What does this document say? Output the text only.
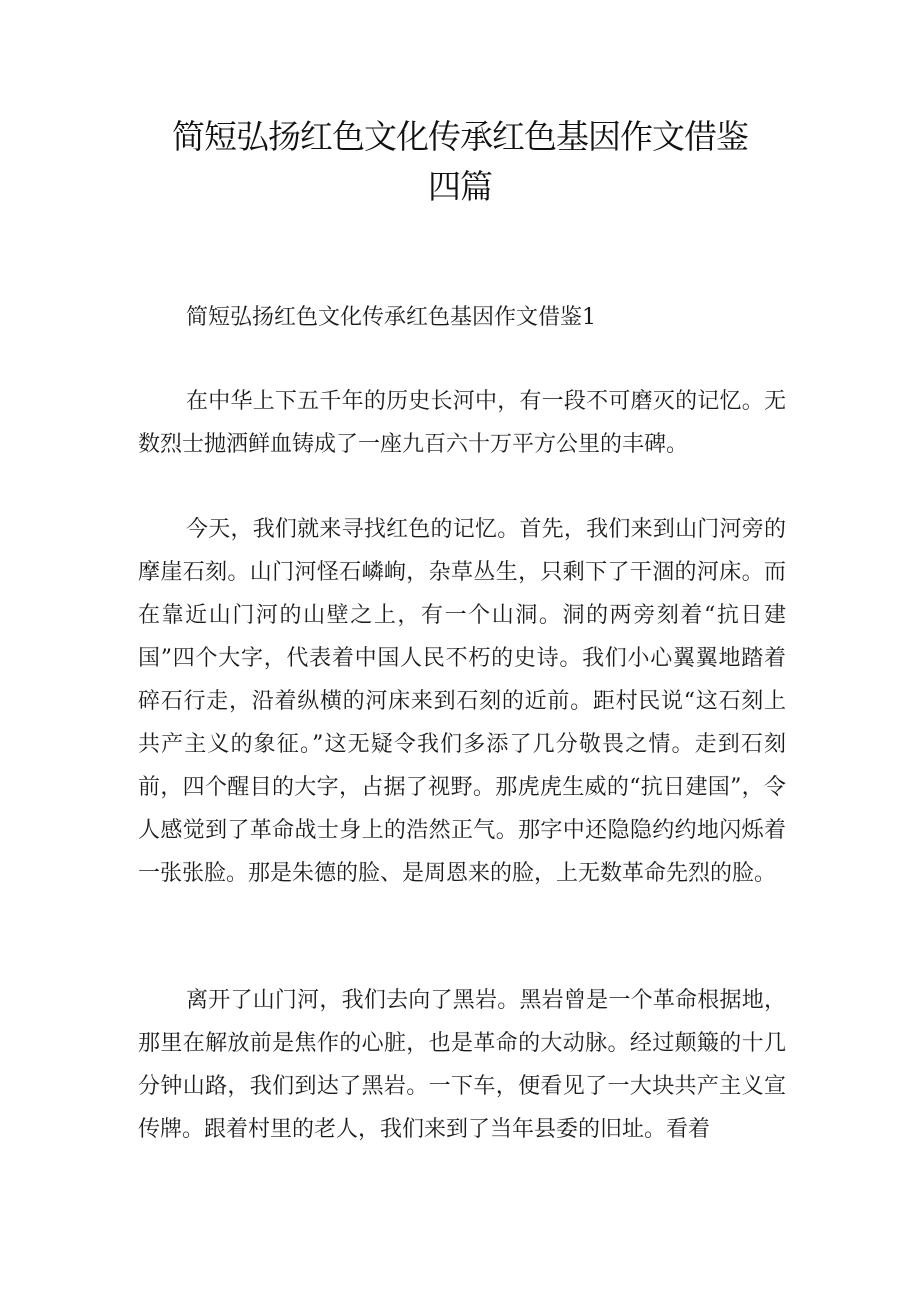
简短弘扬红色文化传承红色基因作文借鉴
四篇

简短弘扬红色文化传承红色基因作文借鉴1

在中华上下五千年的历史长河中，有一段不可磨灭的记忆。无数烈士抛洒鲜血铸成了一座九百六十万平方公里的丰碑。

今天，我们就来寻找红色的记忆。首先，我们来到山门河旁的摩崖石刻。山门河怪石嶙峋，杂草丛生，只剩下了干涸的河床。而在靠近山门河的山壁之上，有一个山洞。洞的两旁刻着“抗日建国”四个大字，代表着中国人民不朽的史诗。我们小心翼翼地踏着碎石行走，沿着纵横的河床来到石刻的近前。距村民说“这石刻上共产主义的象征。”这无疑令我们多添了几分敬畏之情。走到石刻前，四个醒目的大字，占据了视野。那虎虎生威的“抗日建国”，令人感觉到了革命战士身上的浩然正气。那字中还隐隐约约地闪烁着一张张脸。那是朱德的脸、是周恩来的脸，上无数革命先烈的脸。

离开了山门河，我们去向了黑岩。黑岩曾是一个革命根据地，那里在解放前是焦作的心脏，也是革命的大动脉。经过颠簸的十几分钟山路，我们到达了黑岩。一下车，便看见了一大块共产主义宣传牌。跟着村里的老人，我们来到了当年县委的旧址。看着
